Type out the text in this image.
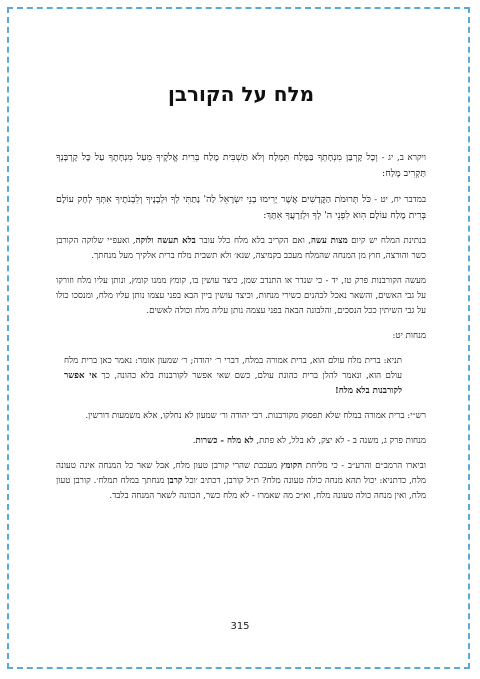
מלח על הקורבן

ויקרא ב, יג - וְכָל קָרְבַּן מִנְחָתְךָ בַּמֶּלַח תִּמְלָח וְלֹא תַשְׁבִּית מֶלַח בְּרִית אֱלֹקֶיךָ מֵעַל מִנְחָתֶךָ עַל כָּל קָרְבָּנְךָ תַּקְרִיב מֶלַח:

במדבר יח, יט - כֹּל תְּרוּמֹת הַקֳּדָשִׁים אֲשֶׁר יָרִימוּ בְנֵי יִשְׂרָאֵל לַה' נָתַתִּי לְךָ וּלְבָנֶיךָ וְלִבְנֹתֶיךָ אִתְּךָ לְחָק עוֹלָם בְּרִית מֶלַח עוֹלָם הִוא לִפְנֵי ה' לְךָ וּלְזַרְעֲךָ אִתָּךְ:

בנתינת המלח יש קיום מצות עשה, ואם הקריב בלא מלח כלל עובר בלא תעשה ולוקה, ואעפ״י שלוקה הקורבן כשר והורצה, חוץ מן המנחה שהמלח מעכב בקמיצה, שנא׳ ולא תשבית מלח ברית אלקיך מעל מנחתך.

מעשה הקורבנות פרק טז, יד - כי שנדר או התנדב שמן, כיצד עושין בו, קומץ ממנו קומץ, ונותן עליו מלח וזורקו על גבי האשים, והשאר נאכל לכהנים כשירי מנחות, וכיצד עושין ביין הבא בפני עצמו נותן עליו מלח, ומנסכו כולו על גבי השיתין ככל הנסכים, והלבונה הבאה בפני עצמה נותן עליה מלח וכולה לאשים.

מנחות יט:

תניא: ברית מלח עולם הוא, ברית אמורה במלח, דברי ר׳ יהודה; ר׳ שמעון אומר: נאמר כאן ברית מלח עולם הוא, ונאמר להלן ברית כהונת עולם, כשם שאי אפשר לקורבנות בלא כהונה, כך אי אפשר לקורבנות בלא מלח!

רש״י: ברית אמורה במלח שלא תפסוק מקורבנות. רבי יהודה ור׳ שמעון לא נחלקו, אלא משמעות דורשין.

מנחות פרק ג, משנה ב - לא יצק, לא בלל, לא פתת, לא מלח - כשרות.

וביארו הרמב״ם והרע״ב - כי מליחת הקומץ מעכבת שהרי קורבן טעון מלח, אבל שאר כל המנחה אינה טעונה מלח, כדתניא: יכול תהא מנחה כולה טעונה מלח? ת״ל קורבן, דכתיב ׳וכל קרבן מנחתך במלח תמלח׳. קורבן טעון מלח, ואין מנחה כולה טעונה מלח, וא״כ מה שאמרו - לא מלח כשר, הכוונה לשאר המנחה בלבד.

315
